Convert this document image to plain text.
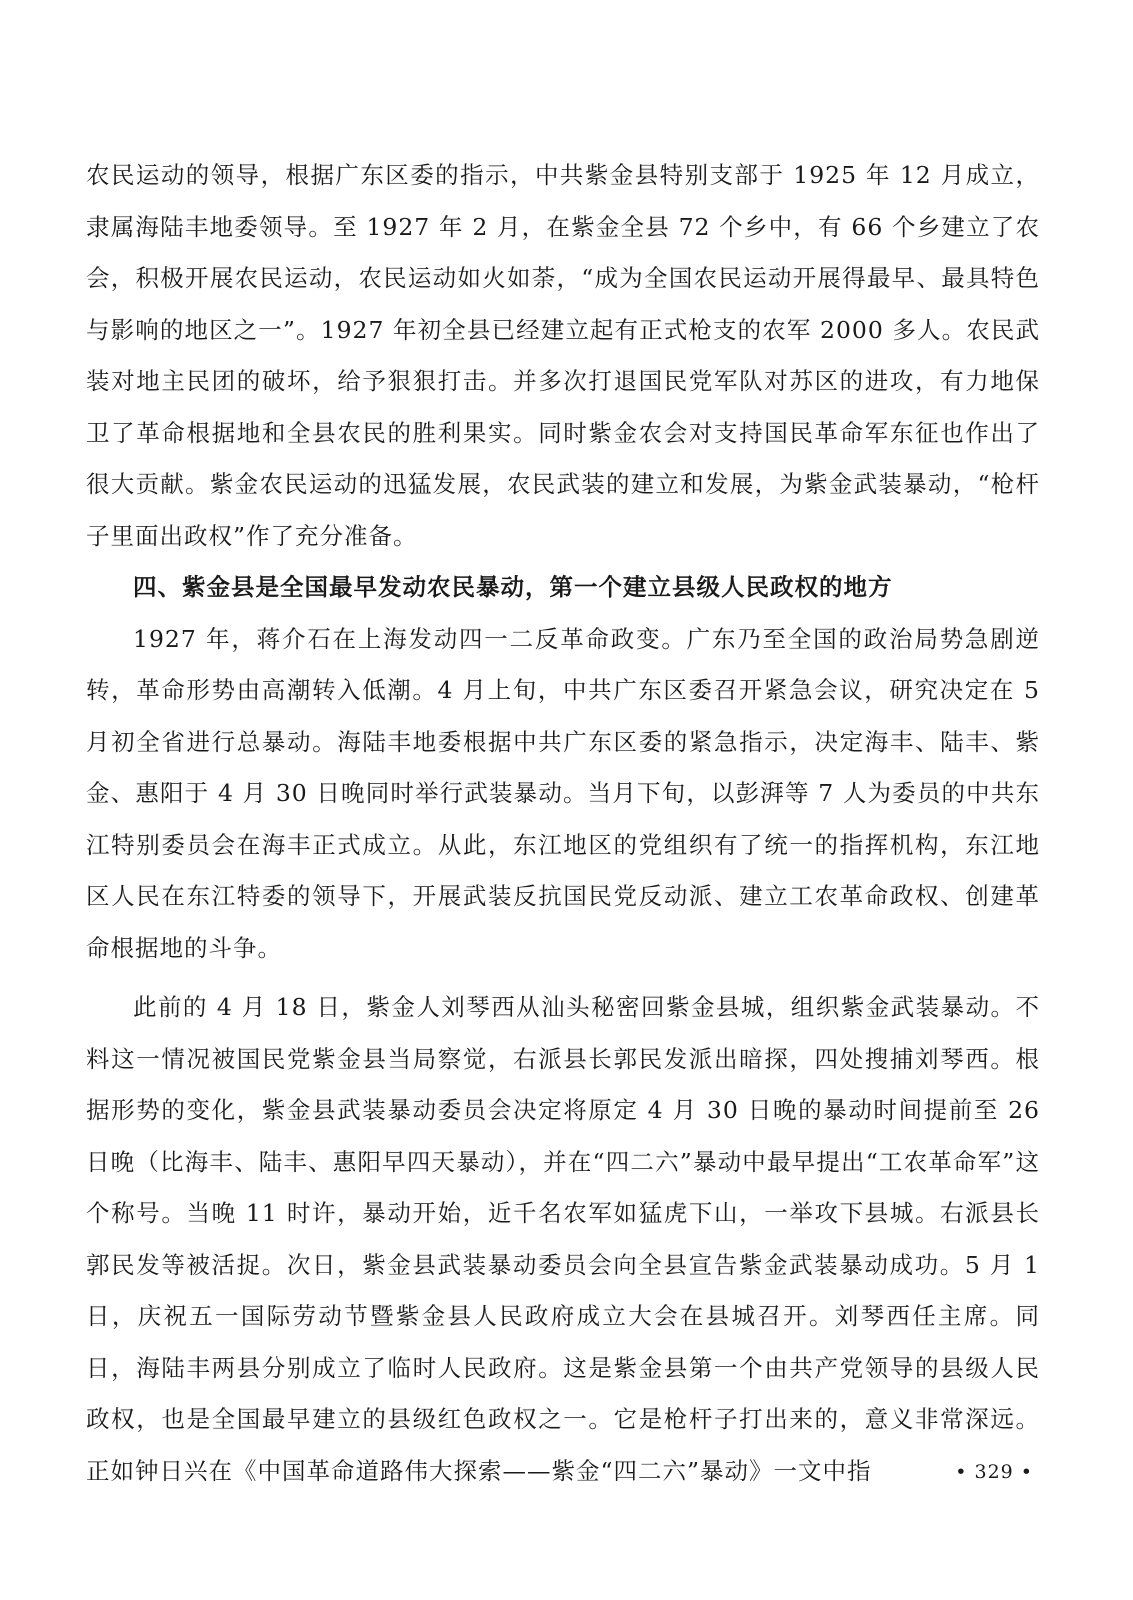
农民运动的领导，根据广东区委的指示，中共紫金县特别支部于 1925 年 12 月成立，隶属海陆丰地委领导。至 1927 年 2 月，在紫金全县 72 个乡中，有 66 个乡建立了农会，积极开展农民运动，农民运动如火如荼，“成为全国农民运动开展得最早、最具特色与影响的地区之一”。1927 年初全县已经建立起有正式枪支的农军 2000 多人。农民武装对地主民团的破坏，给予狠狠打击。并多次打退国民党军队对苏区的进攻，有力地保卫了革命根据地和全县农民的胜利果实。同时紫金农会对支持国民革命军东征也作出了很大贡献。紫金农民运动的迅猛发展，农民武装的建立和发展，为紫金武装暴动，“枪杆子里面出政权”作了充分准备。

四、紫金县是全国最早发动农民暴动，第一个建立县级人民政权的地方

1927 年，蒋介石在上海发动四一二反革命政变。广东乃至全国的政治局势急剧逆转，革命形势由高潮转入低潮。4 月上旬，中共广东区委召开紧急会议，研究决定在 5 月初全省进行总暴动。海陆丰地委根据中共广东区委的紧急指示，决定海丰、陆丰、紫金、惠阳于 4 月 30 日晚同时举行武装暴动。当月下旬，以彭湃等 7 人为委员的中共东江特别委员会在海丰正式成立。从此，东江地区的党组织有了统一的指挥机构，东江地区人民在东江特委的领导下，开展武装反抗国民党反动派、建立工农革命政权、创建革命根据地的斗争。

此前的 4 月 18 日，紫金人刘琴西从汕头秘密回紫金县城，组织紫金武装暴动。不料这一情况被国民党紫金县当局察觉，右派县长郭民发派出暗探，四处搜捕刘琴西。根据形势的变化，紫金县武装暴动委员会决定将原定 4 月 30 日晚的暴动时间提前至 26 日晚（比海丰、陆丰、惠阳早四天暴动），并在“四二六”暴动中最早提出“工农革命军”这个称号。当晚 11 时许，暴动开始，近千名农军如猛虎下山，一举攻下县城。右派县长郭民发等被活捉。次日，紫金县武装暴动委员会向全县宣告紫金武装暴动成功。5 月 1 日，庆祝五一国际劳动节暨紫金县人民政府成立大会在县城召开。刘琴西任主席。同日，海陆丰两县分别成立了临时人民政府。这是紫金县第一个由共产党领导的县级人民政权，也是全国最早建立的县级红色政权之一。它是枪杆子打出来的，意义非常深远。正如钟日兴在《中国革命道路伟大探索——紫金“四二六”暴动》一文中指	• 329 •
